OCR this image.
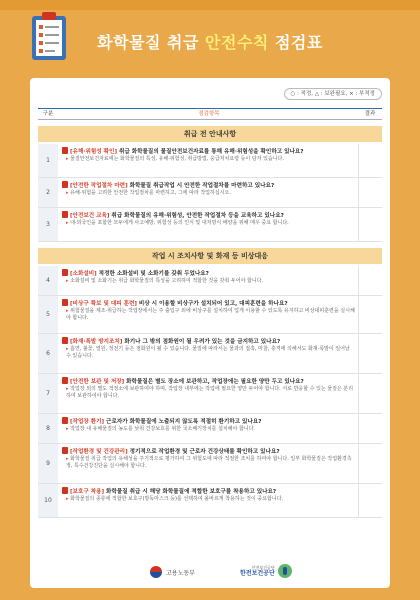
화학물질 취급 안전수칙 점검표
○ : 적정, △ : 보완필요, × : 부적정
구분	점검항목	결과
취급 전 안내사항
1
[유해·위험성 확인] 취급 화학물질의 물질안전보건자료를 통해 유해·위험성을 확인하고 있나요?
▸ 물질안전보건자료에는 화학물질의 특성, 유해·위험성, 취급방법, 응급처치요령 등이 담겨 있습니다.
2
[안전한 작업절차 마련] 화학물질 취급작업 시 안전한 작업절차를 마련하고 있나요?
▸ 유해·위험을 고려한 안전한 작업절차를 마련하고, 그에 따라 작업하십시오.
3
[안전보건 교육] 취급 화학물질의 유해·위험성, 안전한 작업절차 등을 교육하고 있나요?
▸ 내·외국인을 포함한 모두에게 사고예방, 위험성 등의 인식 및 대처방식 배양을 위해 매우 중요 합니다.
작업 시 조치사항 및 화재 등 비상대응
4
[소화설비] 적정한 소화설비 및 소화기를 갖춰 두었나요?
▸ 소화설비 및 소화기는 취급 화학물질의 특성을 고려하여 적합한 것을 갖춰 두어야 합니다.
5
[비상구 확보 및 대피 훈련] 비상 시 이용할 비상구가 설치되어 있고, 대피훈련을 하나요?
▸ 위험물질을 제조·취급하는 작업장에서는 주 출입구 외에 비상구를 설치하여 업게 이용할 수 있도록 유지하고 비상대피훈련을 실시해야 합니다.
6
[화재·폭발 방지조치] 화기나 그 밖의 점화원이 될 우려가 있는 것을 금지하고 있나요?
▸ 흡연, 불꽃, 열원, 정전기 등은 점화원이 될 수 있습니다. 물질에 따라서는 물과의 접촉, 마찰, 충격에 의해서도 화재·폭발이 일어날 수 있습니다.
7
[안전한 보관 및 저장] 화학물질은 별도 장소에 보관하고, 작업장에는 필요한 양만 두고 있나요?
▸ 작업장 외의 별도 적정소에 보관하여야 하며, 작업장 내부에는 작업에 필요한 양만 두어야 합니다. 서로 반응할 수 있는 물질은 분리하여 보관하여야 합니다.
8
[작업장 환기] 근로자가 화학물질에 노출되지 않도록 적절히 환기하고 있나요?
▸ 작업장 내 유해물질의 농도를 낮춰 건강보호를 위한 국소배기장치를 설치해야 합니다.
9
[작업환경 및 건강관리] 정기적으로 작업환경 및 근로자 건강상태를 확인하고 있나요?
▸ 화학물질 취급 작업의 유해성을 주기적으로 평가하여 그 위험도에 따라 적절한 조치를 하여야 합니다. 일부 화학물질은 작업환경측정, 특수건강진단을 실시해야 합니다.
10
[보호구 착용] 화학물질 취급 시 해당 화학물질에 적합한 보호구를 착용하고 있나요?
▸ 화학물질의 종류에 적합한 보호구(방독마스크 등)를 선택하여 올바르게 착용하는 것이 중요합니다.
고용노동부
안전보건공단
한전보건공단
